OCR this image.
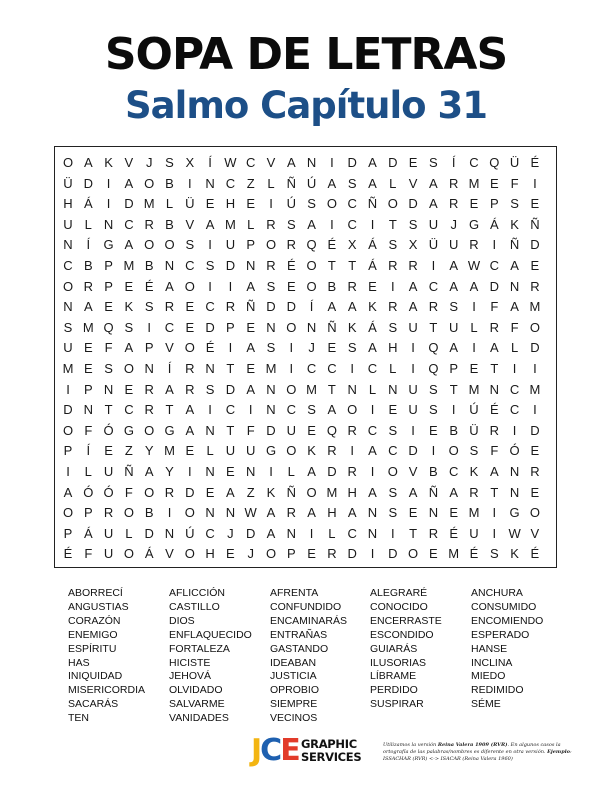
SOPA DE LETRAS
Salmo Capítulo 31
O A K V J S X	Í W C V A N	I	D A D E S	Í	C Q Ü É
Ü D	I	A O B	I	N C Z L Ñ Ú A S A L V A R M E F	I
H Á	I	D M L Ü E H E	I	Ú S O C Ñ O D A R E P S E
U L N C R B V A M L R S A	I	C	I	T S U J G Á K Ñ
N	Í	G A O O S	I	U P O R Q É X Á S X Ü U R	I	Ñ D
C B P M B N C S D N R É O T T Á R R	I	A W C A E
O R P E É A O	I	I	A S E O B R E	I	A C A A D N R
N A E K S R E C R Ñ D D	Í	A A K R A R S	I	F A M
S M Q S	I	C E D P E N O N Ñ K Á S U T U L R F O
U E F A P V O É	I	A S	I	J E S A H	I	Q A	I	A L D
M E S O N	Í	R N T E M	I	C C	I	C L	I	Q P E T	I	I
I	P N E R A R S D A N O M T N L N U S T M N C M
D N T C R T A	I	C	I	N C S A O	I	E U S	I	Ú É C	I
O F Ó G O G A N T F D U E Q R C S	I	E B Ü R	I	D
P	Í	E Z Y M E L U U G O K R	I	A C D	I	O S F Ó E
I	L U Ñ A Y	I	N E N	I	L A D R	I	O V B C K A N R
A Ó Ó F O R D E A Z K Ñ O M H A S A Ñ A R T N E
O P R O B	I	O N N W A R A H A N S E N E M	I	G O
P Á U L D N Ú C J D A N	I	L C N	I	T R É U	I W V
É F U O Á V O H E J O P E R D	I	D O E M É S K É
ABORRECÍ
ANGUSTIAS
CORAZÓN
ENEMIGO
ESPÍRITU
HAS
INIQUIDAD
MISERICORDIA
SACARÁS
TEN
AFLICCIÓN
CASTILLO
DIOS
ENFLAQUECIDO
FORTALEZA
HICISTE
JEHOVÁ
OLVIDADO
SALVARME
VANIDADES
AFRENTA
CONFUNDIDO
ENCAMINARÁS
ENTRAÑAS
GASTANDO
IDEABAN
JUSTICIA
OPROBIO
SIEMPRE
VECINOS
ALEGRARÉ
CONOCIDO
ENCERRASTE
ESCONDIDO
GUIARÁS
ILUSORIAS
LÍBRAME
PERDIDO
SUSPIRAR
ANCHURA
CONSUMIDO
ENCOMIENDO
ESPERADO
HANSE
INCLINA
MIEDO
REDIMIDO
SÉME
JCE GRAPHIC
SERVICES
Utilizamos la versión Reina Valera 1909 (RVR). En algunos casos la ortografía de las palabras/nombres es diferente en otra versión. Ejemplo: ISSACHAR (RVR) <-> ISACAR (Reina Valera 1960)
